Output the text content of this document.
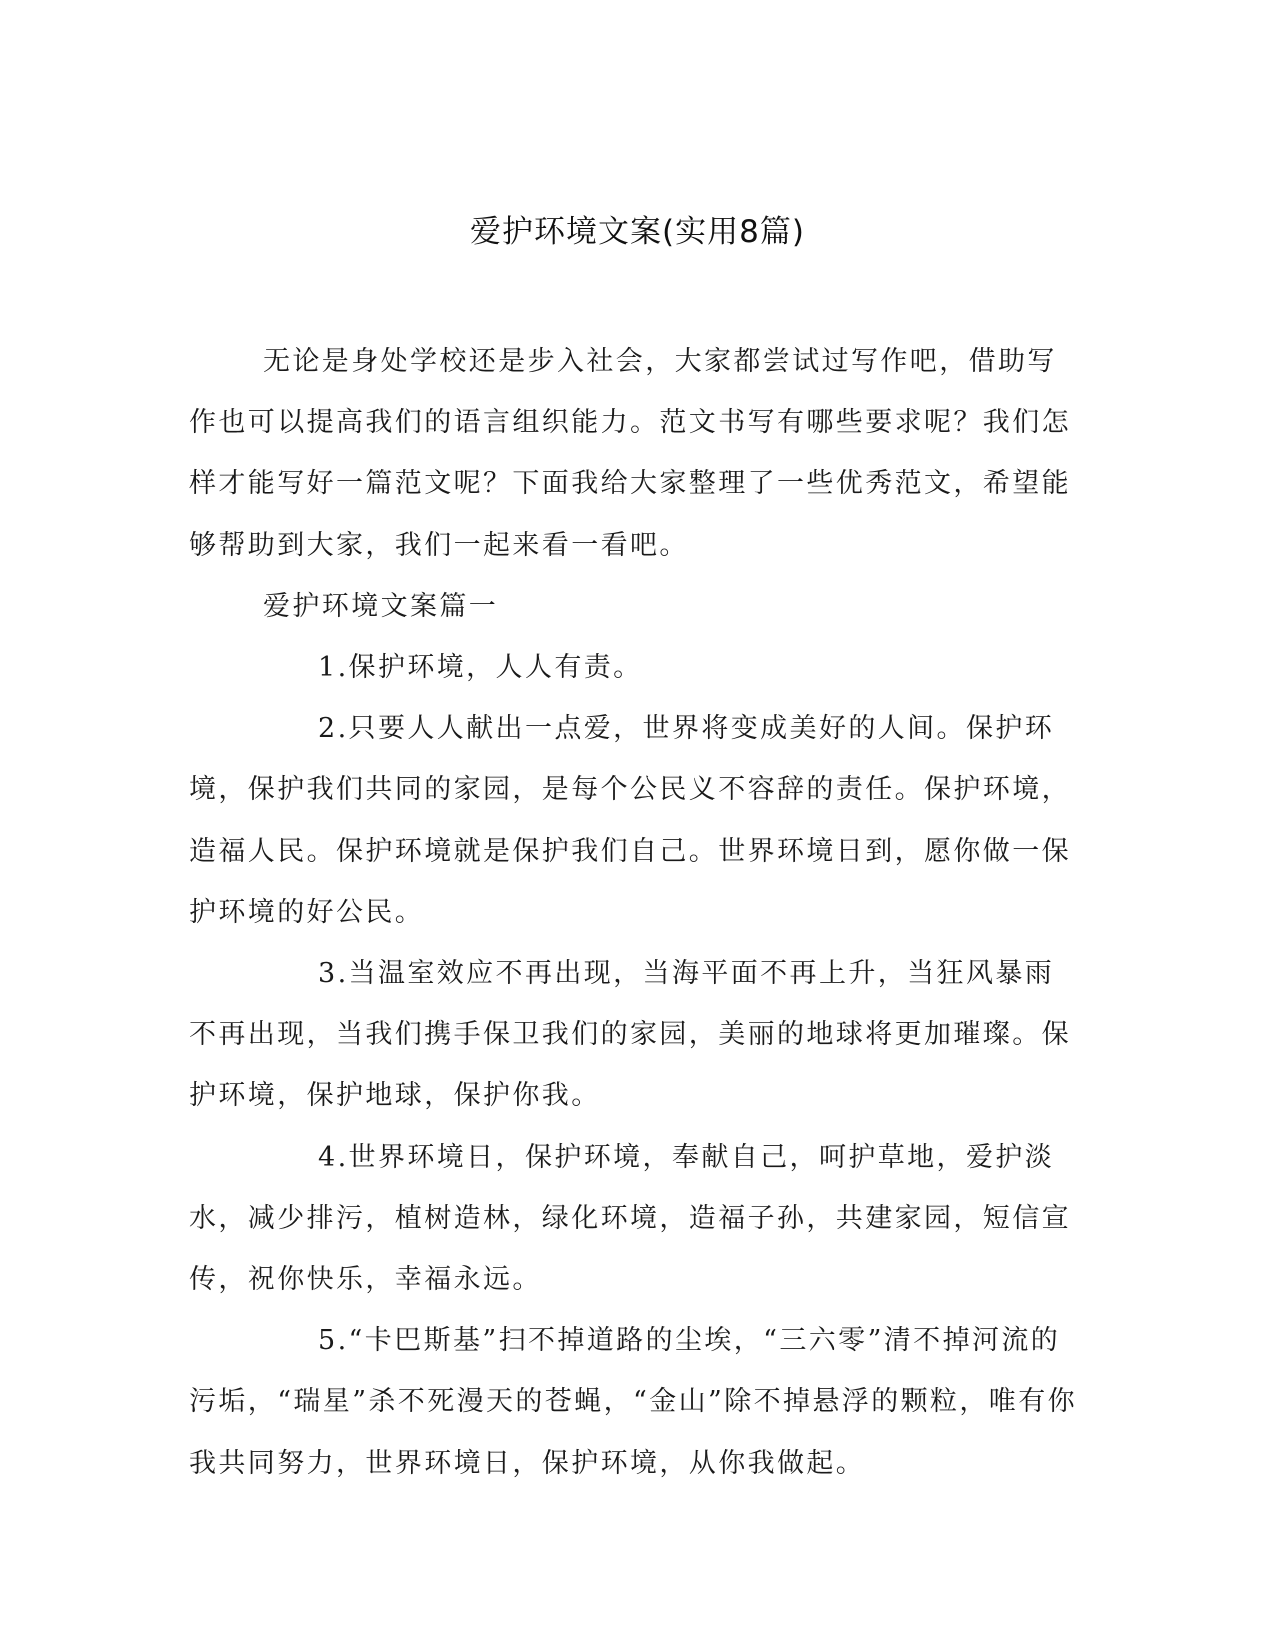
爱护环境文案(实用8篇)

无论是身处学校还是步入社会，大家都尝试过写作吧，借助写作也可以提高我们的语言组织能力。范文书写有哪些要求呢？我们怎样才能写好一篇范文呢？下面我给大家整理了一些优秀范文，希望能够帮助到大家，我们一起来看一看吧。

爱护环境文案篇一

1.保护环境，人人有责。

2.只要人人献出一点爱，世界将变成美好的人间。保护环境，保护我们共同的家园，是每个公民义不容辞的责任。保护环境，造福人民。保护环境就是保护我们自己。世界环境日到，愿你做一保护环境的好公民。

3.当温室效应不再出现，当海平面不再上升，当狂风暴雨不再出现，当我们携手保卫我们的家园，美丽的地球将更加璀璨。保护环境，保护地球，保护你我。

4.世界环境日，保护环境，奉献自己，呵护草地，爱护淡水，减少排污，植树造林，绿化环境，造福子孙，共建家园，短信宣传，祝你快乐，幸福永远。

5.“卡巴斯基”扫不掉道路的尘埃，“三六零”清不掉河流的污垢，“瑞星”杀不死漫天的苍蝇，“金山”除不掉悬浮的颗粒，唯有你我共同努力，世界环境日，保护环境，从你我做起。
